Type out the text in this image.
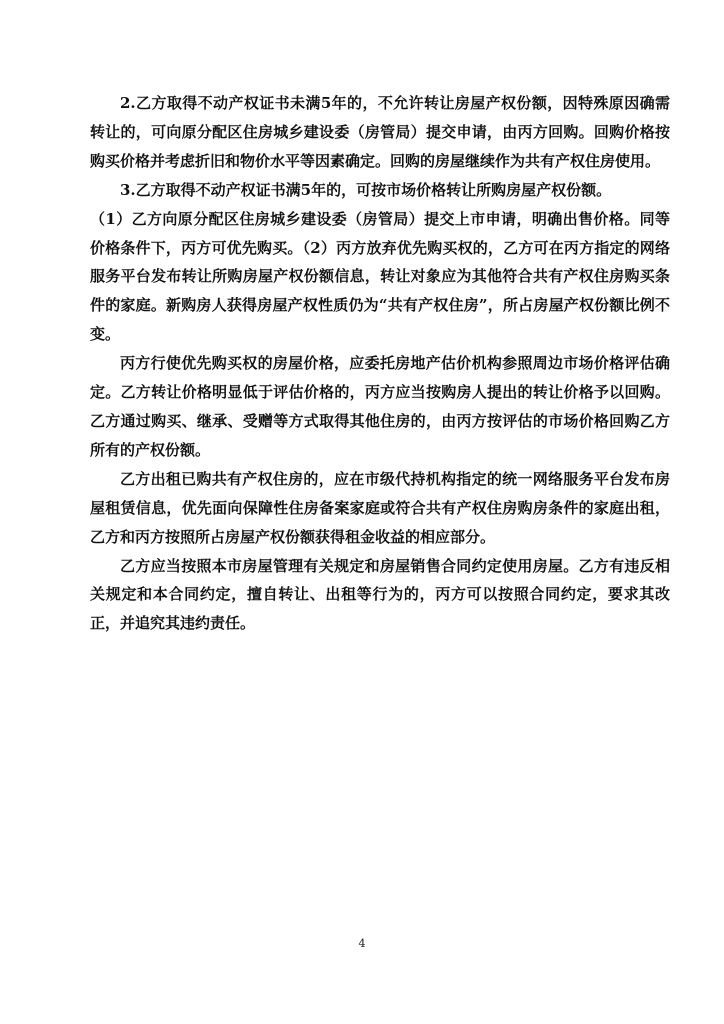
2.乙方取得不动产权证书未满5年的，不允许转让房屋产权份额，因特殊原因确需转让的，可向原分配区住房城乡建设委（房管局）提交申请，由丙方回购。回购价格按购买价格并考虑折旧和物价水平等因素确定。回购的房屋继续作为共有产权住房使用。

3.乙方取得不动产权证书满5年的，可按市场价格转让所购房屋产权份额。

（1）乙方向原分配区住房城乡建设委（房管局）提交上市申请，明确出售价格。同等价格条件下，丙方可优先购买。（2）丙方放弃优先购买权的，乙方可在丙方指定的网络服务平台发布转让所购房屋产权份额信息，转让对象应为其他符合共有产权住房购买条件的家庭。新购房人获得房屋产权性质仍为“共有产权住房”，所占房屋产权份额比例不变。

丙方行使优先购买权的房屋价格，应委托房地产估价机构参照周边市场价格评估确定。乙方转让价格明显低于评估价格的，丙方应当按购房人提出的转让价格予以回购。乙方通过购买、继承、受赠等方式取得其他住房的，由丙方按评估的市场价格回购乙方所有的产权份额。

乙方出租已购共有产权住房的，应在市级代持机构指定的统一网络服务平台发布房屋租赁信息，优先面向保障性住房备案家庭或符合共有产权住房购房条件的家庭出租，乙方和丙方按照所占房屋产权份额获得租金收益的相应部分。

乙方应当按照本市房屋管理有关规定和房屋销售合同约定使用房屋。乙方有违反相关规定和本合同约定，擅自转让、出租等行为的，丙方可以按照合同约定，要求其改正，并追究其违约责任。

4
